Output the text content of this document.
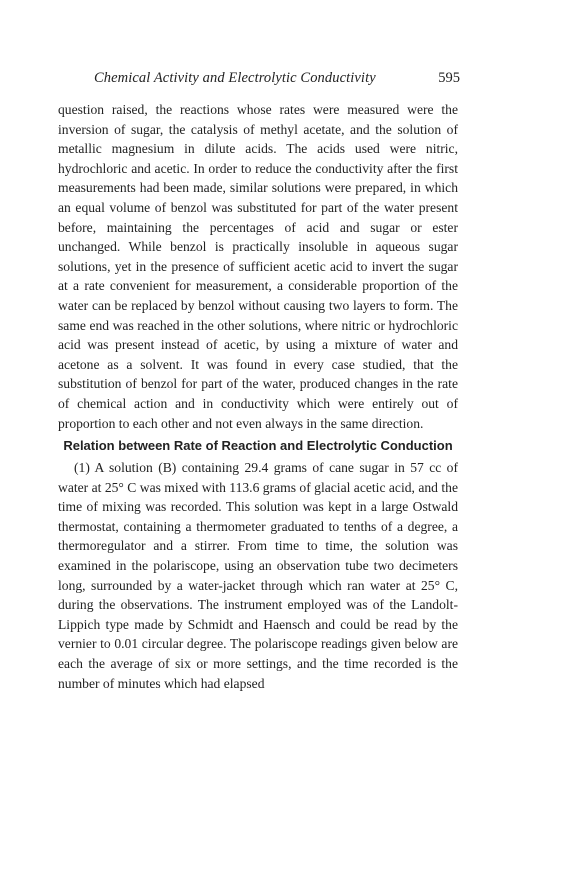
Chemical Activity and Electrolytic Conductivity	595

question raised, the reactions whose rates were measured were the inversion of sugar, the catalysis of methyl acetate, and the solution of metallic magnesium in dilute acids. The acids used were nitric, hydrochloric and acetic. In order to reduce the conductivity after the first measurements had been made, similar solutions were prepared, in which an equal volume of benzol was substituted for part of the water present before, maintaining the percentages of acid and sugar or ester unchanged. While benzol is practically insoluble in aqueous sugar solutions, yet in the presence of sufficient acetic acid to invert the sugar at a rate convenient for measurement, a considerable proportion of the water can be replaced by benzol without causing two layers to form. The same end was reached in the other solutions, where nitric or hydrochloric acid was present instead of acetic, by using a mixture of water and acetone as a solvent. It was found in every case studied, that the substitution of benzol for part of the water, produced changes in the rate of chemical action and in conductivity which were entirely out of proportion to each other and not even always in the same direction.

Relation between Rate of Reaction and Electrolytic Conduction

(1) A solution (B) containing 29.4 grams of cane sugar in 57 cc of water at 25° C was mixed with 113.6 grams of glacial acetic acid, and the time of mixing was recorded. This solution was kept in a large Ostwald thermostat, containing a thermometer graduated to tenths of a degree, a thermoregulator and a stirrer. From time to time, the solution was examined in the polariscope, using an observation tube two decimeters long, surrounded by a water-jacket through which ran water at 25° C, during the observations. The instrument employed was of the Landolt-Lippich type made by Schmidt and Haensch and could be read by the vernier to 0.01 circular degree. The polariscope readings given below are each the average of six or more settings, and the time recorded is the number of minutes which had elapsed
